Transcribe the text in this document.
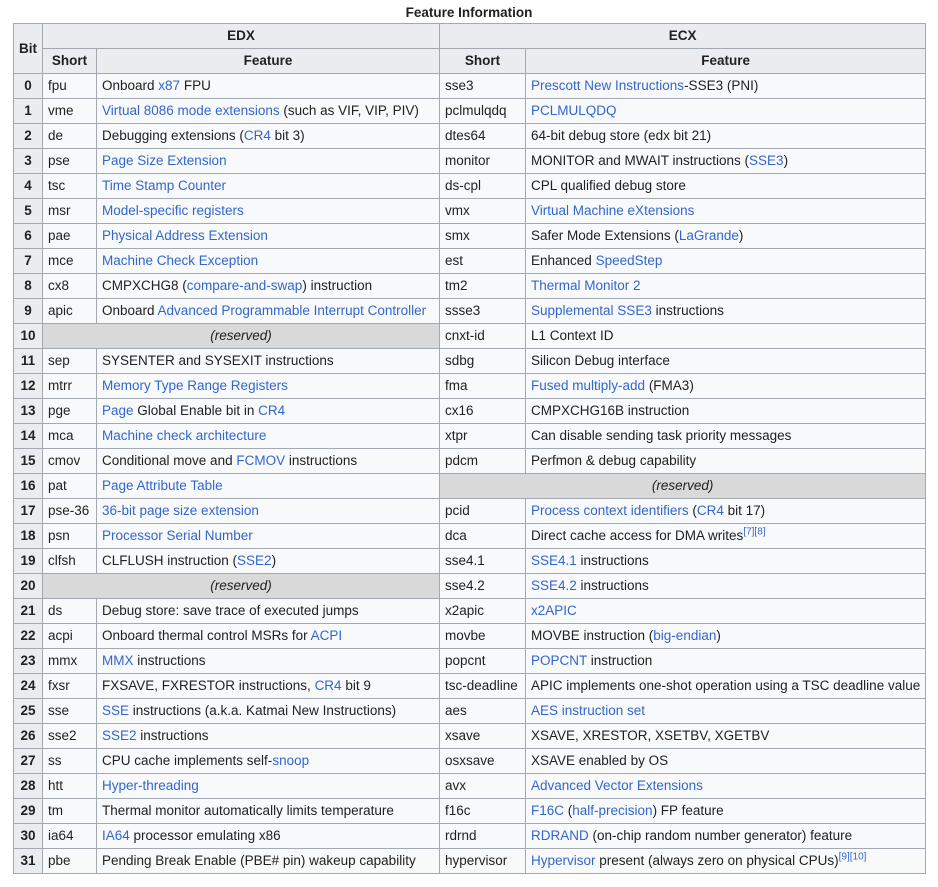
Feature Information
Bit	EDX		ECX	
	Short	Feature	Short	Feature
0	fpu	Onboard x87 FPU	sse3	Prescott New Instructions-SSE3 (PNI)
1	vme	Virtual 8086 mode extensions (such as VIF, VIP, PIV)	pclmulqdq	PCLMULQDQ
2	de	Debugging extensions (CR4 bit 3)	dtes64	64-bit debug store (edx bit 21)
3	pse	Page Size Extension	monitor	MONITOR and MWAIT instructions (SSE3)
4	tsc	Time Stamp Counter	ds-cpl	CPL qualified debug store
5	msr	Model-specific registers	vmx	Virtual Machine eXtensions
6	pae	Physical Address Extension	smx	Safer Mode Extensions (LaGrande)
7	mce	Machine Check Exception	est	Enhanced SpeedStep
8	cx8	CMPXCHG8 (compare-and-swap) instruction	tm2	Thermal Monitor 2
9	apic	Onboard Advanced Programmable Interrupt Controller	ssse3	Supplemental SSE3 instructions
10	(reserved)		cnxt-id	L1 Context ID
11	sep	SYSENTER and SYSEXIT instructions	sdbg	Silicon Debug interface
12	mtrr	Memory Type Range Registers	fma	Fused multiply-add (FMA3)
13	pge	Page Global Enable bit in CR4	cx16	CMPXCHG16B instruction
14	mca	Machine check architecture	xtpr	Can disable sending task priority messages
15	cmov	Conditional move and FCMOV instructions	pdcm	Perfmon & debug capability
16	pat	Page Attribute Table	(reserved)	
17	pse-36	36-bit page size extension	pcid	Process context identifiers (CR4 bit 17)
18	psn	Processor Serial Number	dca	Direct cache access for DMA writes[7][8]
19	clfsh	CLFLUSH instruction (SSE2)	sse4.1	SSE4.1 instructions
20	(reserved)		sse4.2	SSE4.2 instructions
21	ds	Debug store: save trace of executed jumps	x2apic	x2APIC
22	acpi	Onboard thermal control MSRs for ACPI	movbe	MOVBE instruction (big-endian)
23	mmx	MMX instructions	popcnt	POPCNT instruction
24	fxsr	FXSAVE, FXRESTOR instructions, CR4 bit 9	tsc-deadline	APIC implements one-shot operation using a TSC deadline value
25	sse	SSE instructions (a.k.a. Katmai New Instructions)	aes	AES instruction set
26	sse2	SSE2 instructions	xsave	XSAVE, XRESTOR, XSETBV, XGETBV
27	ss	CPU cache implements self-snoop	osxsave	XSAVE enabled by OS
28	htt	Hyper-threading	avx	Advanced Vector Extensions
29	tm	Thermal monitor automatically limits temperature	f16c	F16C (half-precision) FP feature
30	ia64	IA64 processor emulating x86	rdrnd	RDRAND (on-chip random number generator) feature
31	pbe	Pending Break Enable (PBE# pin) wakeup capability	hypervisor	Hypervisor present (always zero on physical CPUs)[9][10]
